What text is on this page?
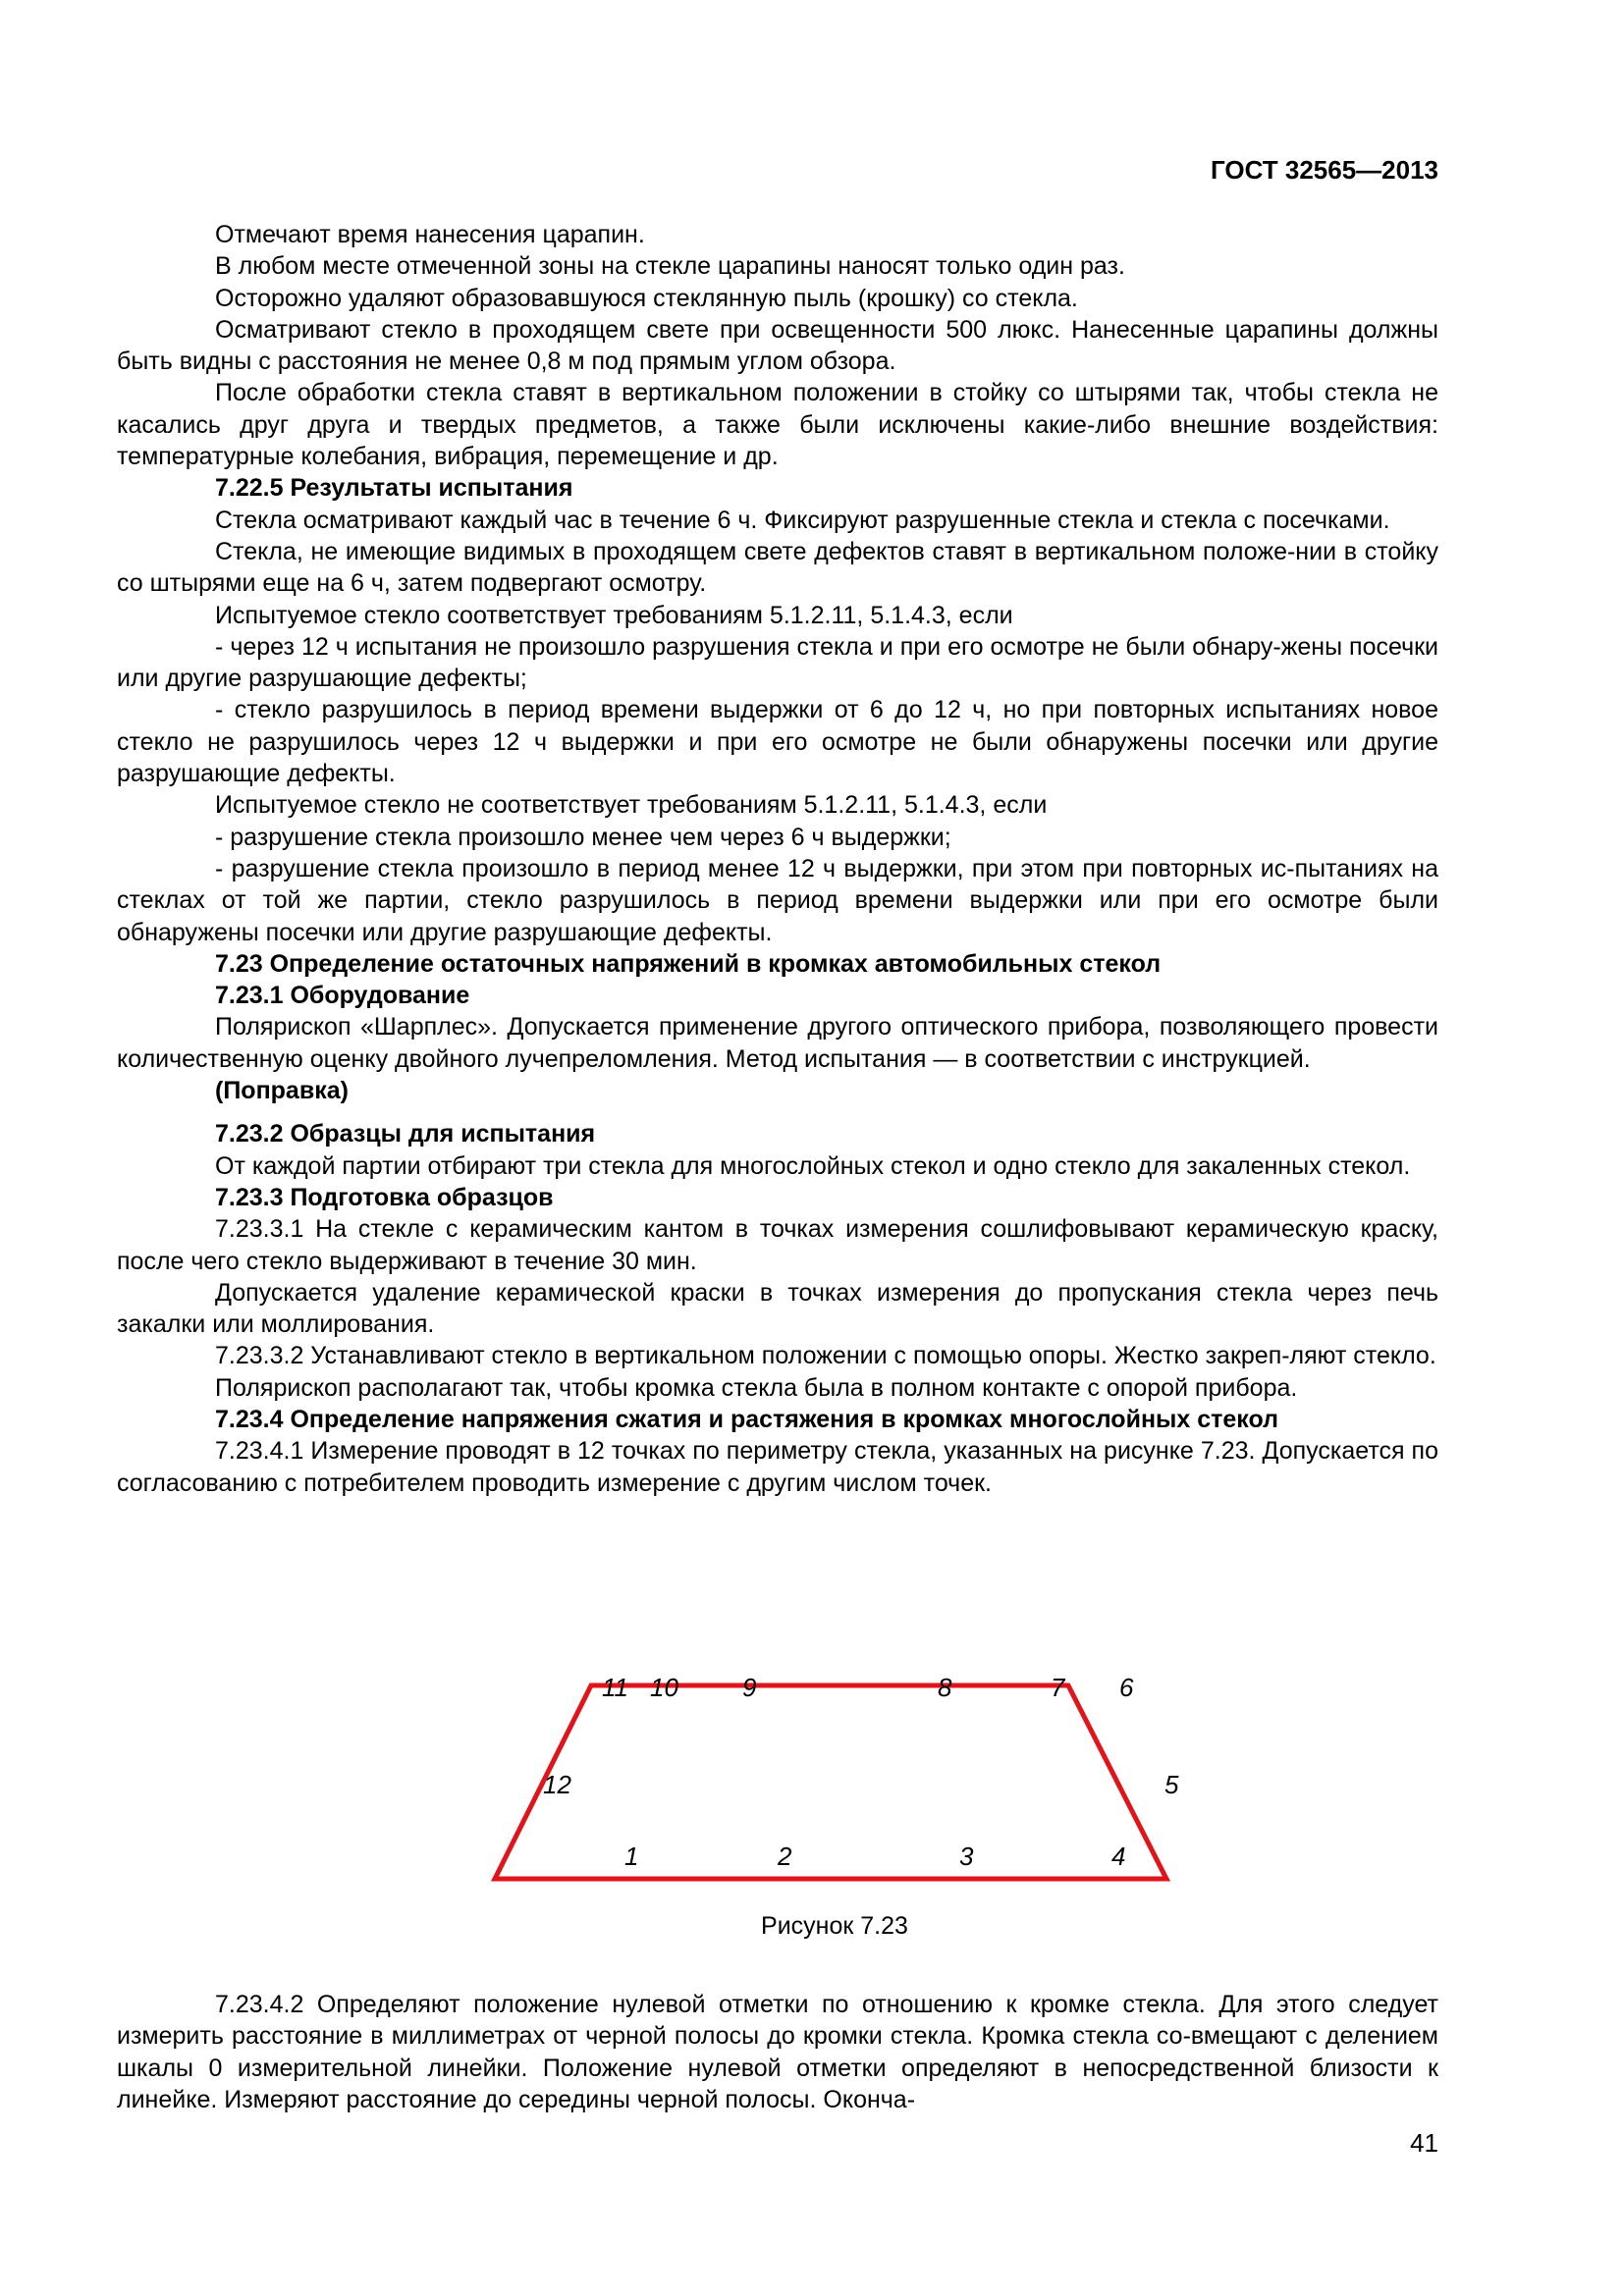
ГОСТ 32565—2013

Отмечают время нанесения царапин.

В любом месте отмеченной зоны на стекле царапины наносят только один раз.

Осторожно удаляют образовавшуюся стеклянную пыль (крошку) со стекла.

Осматривают стекло в проходящем свете при освещенности 500 люкс. Нанесенные царапины должны быть видны с расстояния не менее 0,8 м под прямым углом обзора.

После обработки стекла ставят в вертикальном положении в стойку со штырями так, чтобы стекла не касались друг друга и твердых предметов, а также были исключены какие-либо внешние воздействия: температурные колебания, вибрация, перемещение и др.

7.22.5 Результаты испытания

Стекла осматривают каждый час в течение 6 ч. Фиксируют разрушенные стекла и стекла с посечками.

Стекла, не имеющие видимых в проходящем свете дефектов ставят в вертикальном положе-нии в стойку со штырями еще на 6 ч, затем подвергают осмотру.

Испытуемое стекло соответствует требованиям 5.1.2.11, 5.1.4.3, если

- через 12 ч испытания не произошло разрушения стекла и при его осмотре не были обнару-жены посечки или другие разрушающие дефекты;

- стекло разрушилось в период времени выдержки от 6 до 12 ч, но при повторных испытаниях новое стекло не разрушилось через 12 ч выдержки и при его осмотре не были обнаружены посечки или другие разрушающие дефекты.

Испытуемое стекло не соответствует требованиям 5.1.2.11, 5.1.4.3, если

- разрушение стекла произошло менее чем через 6 ч выдержки;

- разрушение стекла произошло в период менее 12 ч выдержки, при этом при повторных ис-пытаниях на стеклах от той же партии, стекло разрушилось в период времени выдержки или при его осмотре были обнаружены посечки или другие разрушающие дефекты.

7.23 Определение остаточных напряжений в кромках автомобильных стекол

7.23.1 Оборудование

Полярископ «Шарплес». Допускается применение другого оптического прибора, позволяющего провести количественную оценку двойного лучепреломления. Метод испытания — в соответствии с инструкцией.

(Поправка)

7.23.2 Образцы для испытания

От каждой партии отбирают три стекла для многослойных стекол и одно стекло для закаленных стекол.

7.23.3 Подготовка образцов

7.23.3.1 На стекле с керамическим кантом в точках измерения сошлифовывают керамическую краску, после чего стекло выдерживают в течение 30 мин.

Допускается удаление керамической краски в точках измерения до пропускания стекла через печь закалки или моллирования.

7.23.3.2 Устанавливают стекло в вертикальном положении с помощью опоры. Жестко закреп-ляют стекло.

Полярископ располагают так, чтобы кромка стекла была в полном контакте с опорой прибора.

7.23.4 Определение напряжения сжатия и растяжения в кромках многослойных стекол

7.23.4.1 Измерение проводят в 12 точках по периметру стекла, указанных на рисунке 7.23. Допускается по согласованию с потребителем проводить измерение с другим числом точек.

11 10	9	8	7 6
5
12
1	2	3	4
Рисунок 7.23

7.23.4.2 Определяют положение нулевой отметки по отношению к кромке стекла. Для этого следует измерить расстояние в миллиметрах от черной полосы до кромки стекла. Кромка стекла со-вмещают с делением шкалы 0 измерительной линейки. Положение нулевой отметки определяют в непосредственной близости к линейке. Измеряют расстояние до середины черной полосы. Оконча-

41
